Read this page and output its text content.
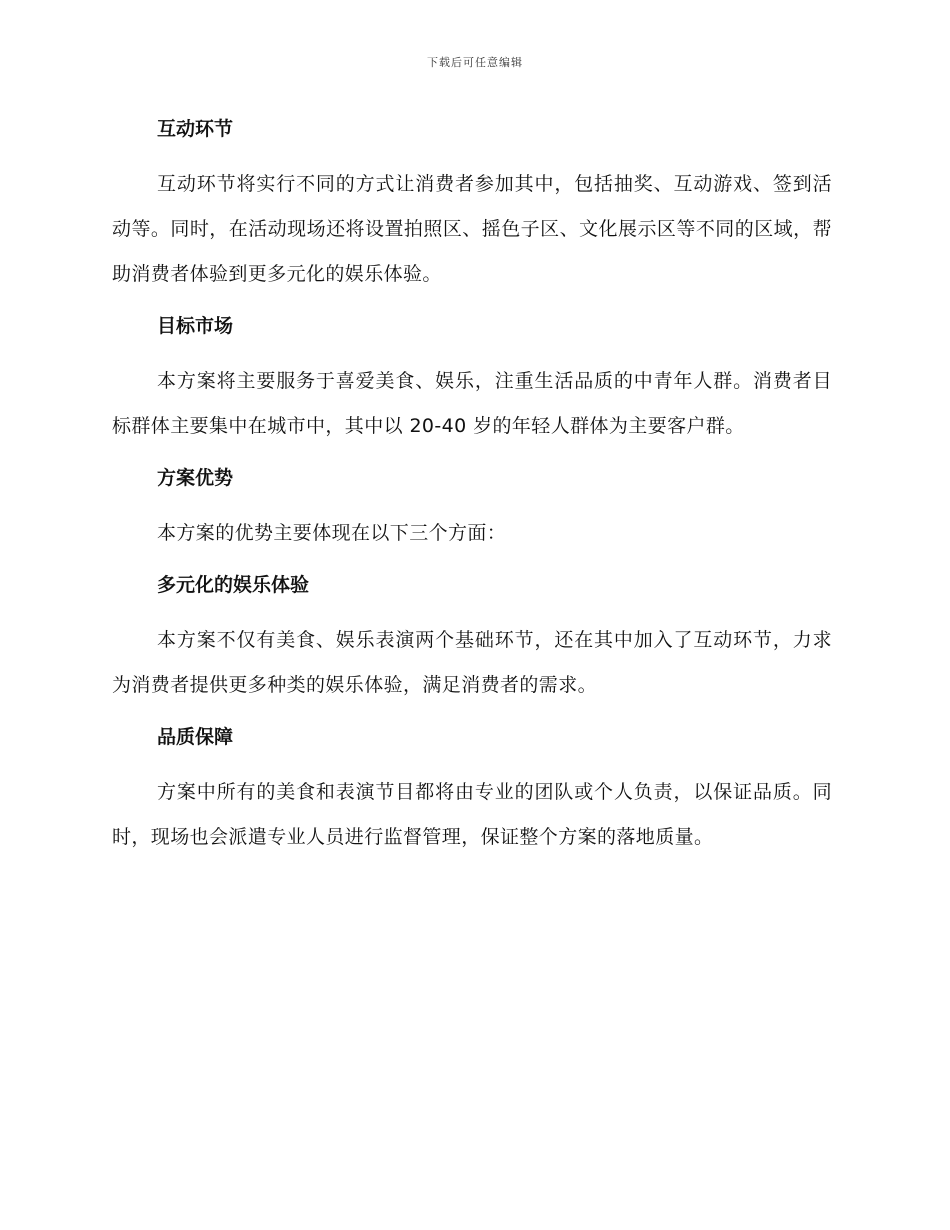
下载后可任意编辑
互动环节

互动环节将实行不同的方式让消费者参加其中，包括抽奖、互动游戏、签到活动等。同时，在活动现场还将设置拍照区、摇色子区、文化展示区等不同的区域，帮助消费者体验到更多元化的娱乐体验。

目标市场

本方案将主要服务于喜爱美食、娱乐，注重生活品质的中青年人群。消费者目标群体主要集中在城市中，其中以 20-40 岁的年轻人群体为主要客户群。

方案优势

本方案的优势主要体现在以下三个方面：

多元化的娱乐体验

本方案不仅有美食、娱乐表演两个基础环节，还在其中加入了互动环节，力求为消费者提供更多种类的娱乐体验，满足消费者的需求。

品质保障

方案中所有的美食和表演节目都将由专业的团队或个人负责，以保证品质。同时，现场也会派遣专业人员进行监督管理，保证整个方案的落地质量。
